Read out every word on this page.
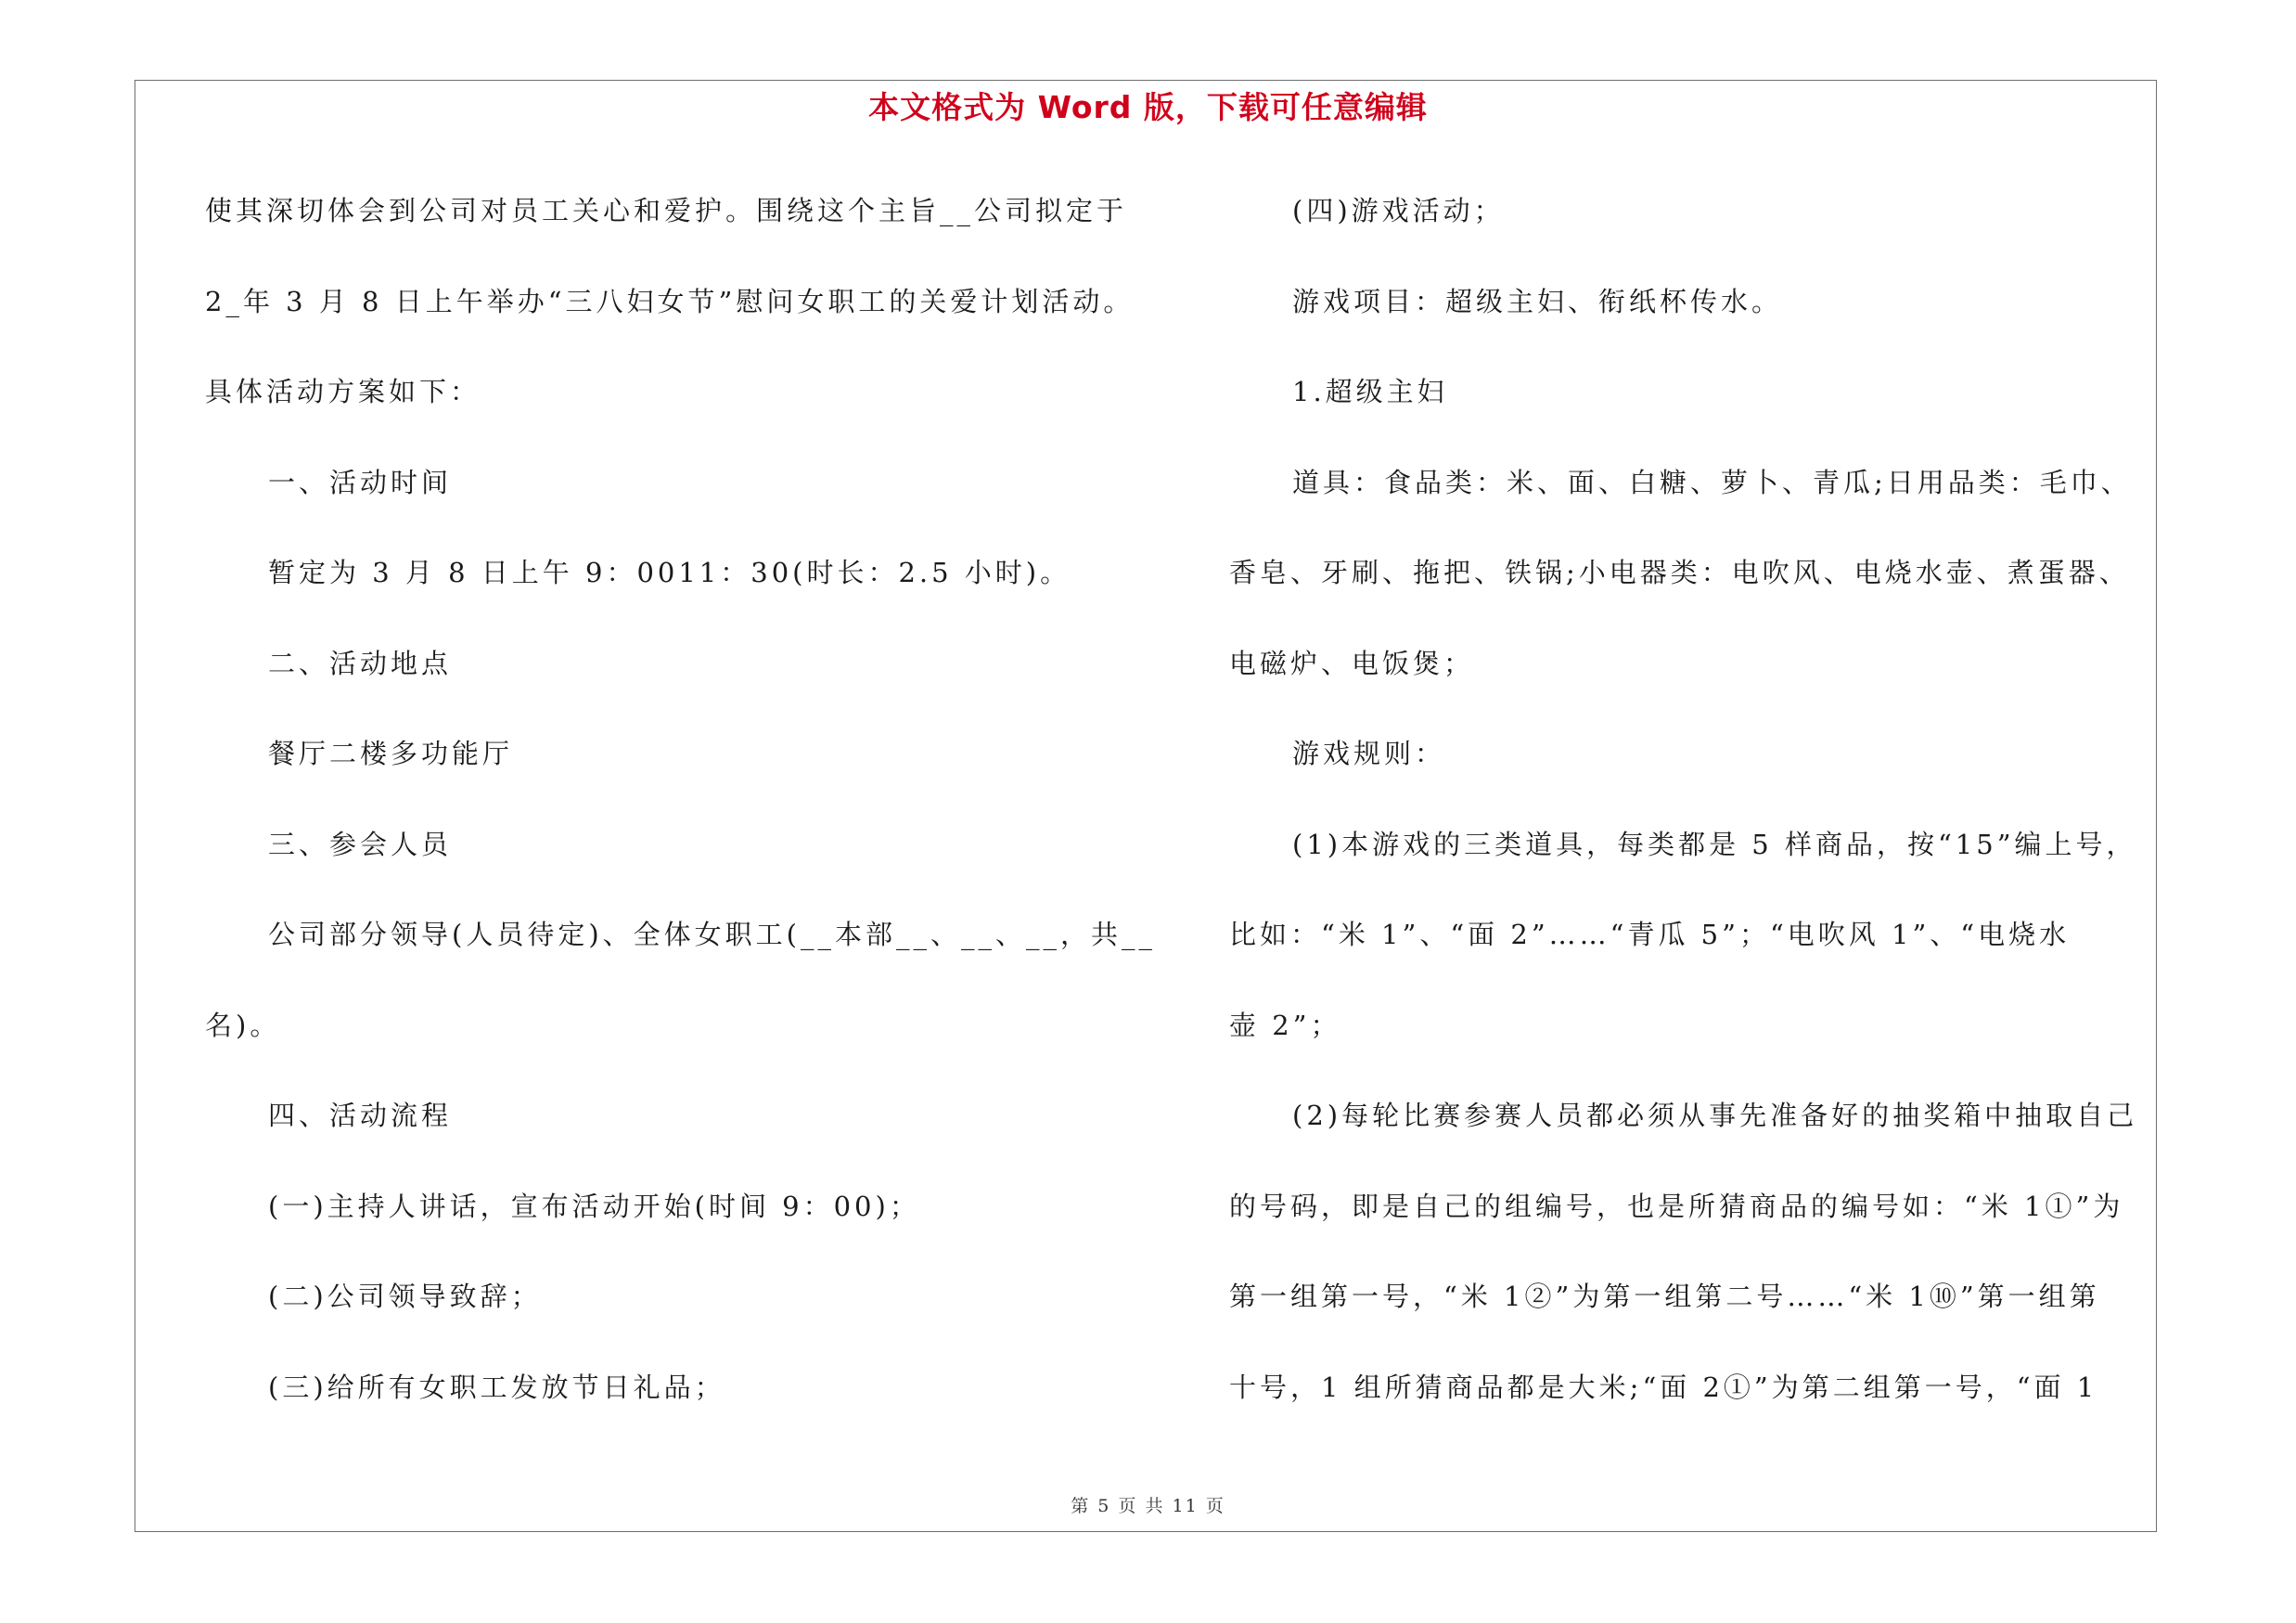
本文格式为 Word 版，下载可任意编辑
使其深切体会到公司对员工关心和爱护。围绕这个主旨__公司拟定于
2_年 3 月 8 日上午举办“三八妇女节”慰问女职工的关爱计划活动。
具体活动方案如下：
一、活动时间
暂定为 3 月 8 日上午 9：0011：30(时长：2.5 小时)。
二、活动地点
餐厅二楼多功能厅
三、参会人员
公司部分领导(人员待定)、全体女职工(__本部__、__、__，共__
名)。
四、活动流程
(一)主持人讲话，宣布活动开始(时间 9：00)；
(二)公司领导致辞；
(三)给所有女职工发放节日礼品；
(四)游戏活动；
游戏项目：超级主妇、衔纸杯传水。
1.超级主妇
道具：食品类：米、面、白糖、萝卜、青瓜;日用品类：毛巾、
香皂、牙刷、拖把、铁锅;小电器类：电吹风、电烧水壶、煮蛋器、
电磁炉、电饭煲；
游戏规则：
(1)本游戏的三类道具，每类都是 5 样商品，按“15”编上号，
比如：“米 1”、“面 2”……“青瓜 5”；“电吹风 1”、“电烧水
壶 2”；
(2)每轮比赛参赛人员都必须从事先准备好的抽奖箱中抽取自己
的号码，即是自己的组编号，也是所猜商品的编号如：“米 1①”为
第一组第一号，“米 1②”为第一组第二号……“米 1⑩”第一组第
十号，1 组所猜商品都是大米;“面 2①”为第二组第一号，“面 1
第 5 页 共 11 页
